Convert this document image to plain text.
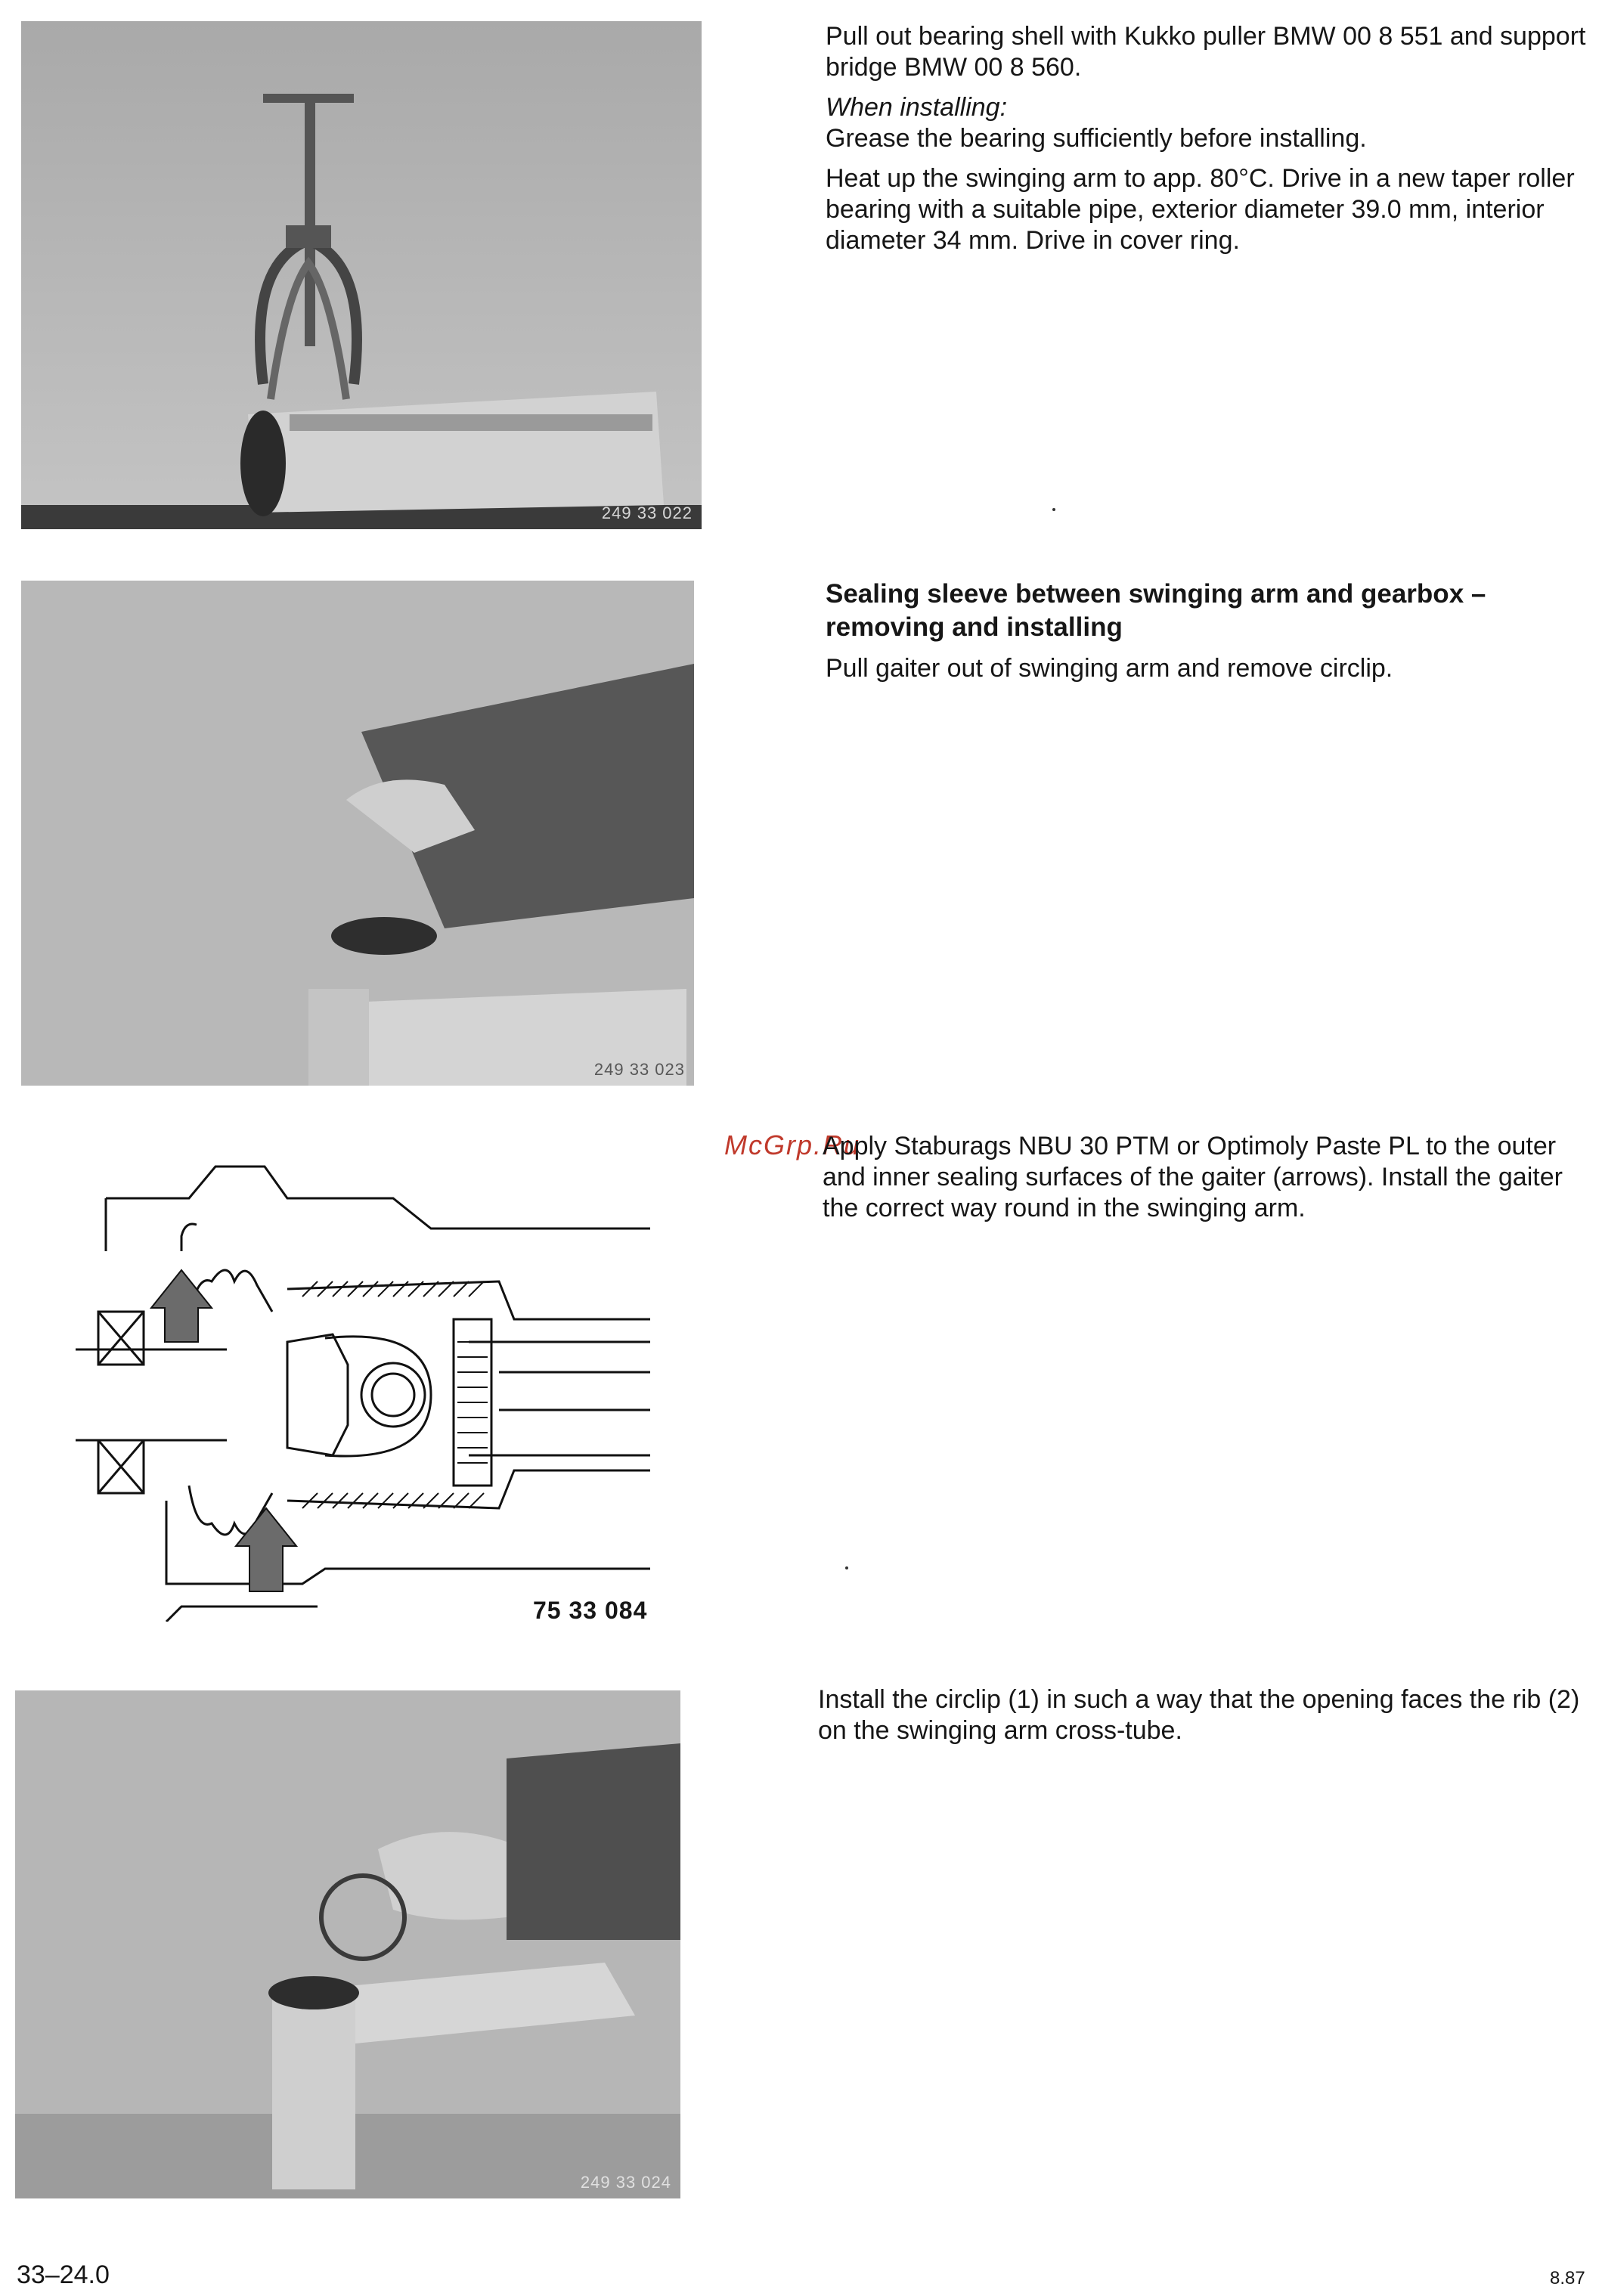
249 33 022

Pull out bearing shell with Kukko puller BMW 00 8 551 and support bridge BMW 00 8 560.

When installing:

Grease the bearing sufficiently before installing.

Heat up the swinging arm to app. 80°C. Drive in a new taper roller bearing with a suitable pipe, exterior diameter 39.0 mm, interior diameter 34 mm. Drive in cover ring.

249 33 023

Sealing sleeve between swinging arm and gearbox – removing and installing

Pull gaiter out of swinging arm and remove circlip.

75 33 084
McGrp.Ru

Apply Staburags NBU 30 PTM or Optimoly Paste PL to the outer and inner sealing surfaces of the gaiter (arrows). Install the gaiter the correct way round in the swinging arm.

249 33 024

Install the circlip (1) in such a way that the opening faces the rib (2) on the swinging arm cross-tube.

33–24.0	8.87
